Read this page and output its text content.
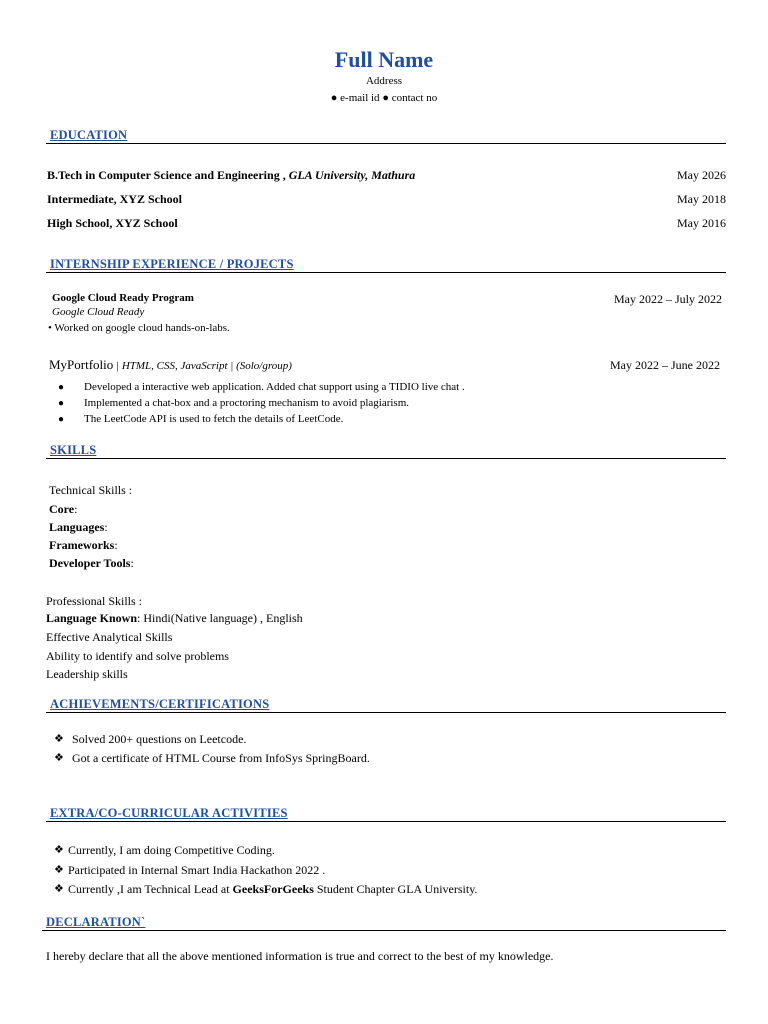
Full Name
Address
● e-mail id ● contact no
EDUCATION
B.Tech in Computer Science and Engineering , GLA University, Mathura	May 2026
Intermediate, XYZ School	May 2018
High School, XYZ School	May 2016
INTERNSHIP EXPERIENCE / PROJECTS
Google Cloud Ready Program	May 2022 – July 2022
Google Cloud Ready
• Worked on google cloud hands-on-labs.
MyPortfolio | HTML, CSS, JavaScript | (Solo/group)	May 2022 – June 2022
● Developed a interactive web application. Added chat support using a TIDIO live chat .
● Implemented a chat-box and a proctoring mechanism to avoid plagiarism.
● The LeetCode API is used to fetch the details of LeetCode.
SKILLS
Technical Skills :
Core:
Languages:
Frameworks:
Developer Tools:
Professional Skills :
Language Known: Hindi(Native language) , English
Effective Analytical Skills
Ability to identify and solve problems
Leadership skills
ACHIEVEMENTS/CERTIFICATIONS
❖ Solved 200+ questions on Leetcode.
❖ Got a certificate of HTML Course from InfoSys SpringBoard.
EXTRA/CO-CURRICULAR ACTIVITIES
❖ Currently, I am doing Competitive Coding.
❖ Participated in Internal Smart India Hackathon 2022 .
❖ Currently ,I am Technical Lead at GeeksForGeeks Student Chapter GLA University.
DECLARATION`
I hereby declare that all the above mentioned information is true and correct to the best of my knowledge.
